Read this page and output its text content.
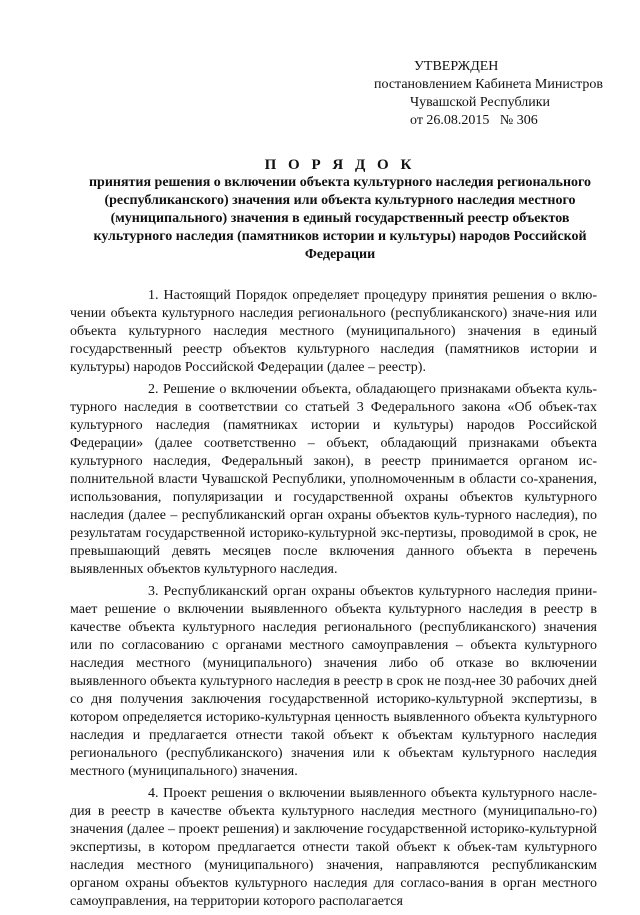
УТВЕРЖДЕН
постановлением Кабинета Министров
Чувашской Республики
от 26.08.2015   № 306
П О Р Я Д О К
принятия решения о включении объекта культурного наследия регионального (республиканского) значения или объекта культурного наследия местного (муниципального) значения в единый государственный реестр объектов культурного наследия (памятников истории и культуры) народов Российской Федерации

1. Настоящий Порядок определяет процедуру принятия решения о вклю-чении объекта культурного наследия регионального (республиканского) значе-ния или объекта культурного наследия местного (муниципального) значения в единый государственный реестр объектов культурного наследия (памятников истории и культуры) народов Российской Федерации (далее – реестр).

2. Решение о включении объекта, обладающего признаками объекта куль-турного наследия в соответствии со статьей 3 Федерального закона «Об объек-тах культурного наследия (памятниках истории и культуры) народов Российской Федерации» (далее соответственно – объект, обладающий признаками объекта культурного наследия, Федеральный закон), в реестр принимается органом ис-полнительной власти Чувашской Республики, уполномоченным в области со-хранения, использования, популяризации и государственной охраны объектов культурного наследия (далее – республиканский орган охраны объектов куль-турного наследия), по результатам государственной историко-культурной экс-пертизы, проводимой в срок, не превышающий девять месяцев после включения данного объекта в перечень выявленных объектов культурного наследия.

3. Республиканский орган охраны объектов культурного наследия прини-мает решение о включении выявленного объекта культурного наследия в реестр в качестве объекта культурного наследия регионального (республиканского) значения или по согласованию с органами местного самоуправления – объекта культурного наследия местного (муниципального) значения либо об отказе во включении выявленного объекта культурного наследия в реестр в срок не позд-нее 30 рабочих дней со дня получения заключения государственной историко-культурной экспертизы, в котором определяется историко-культурная ценность выявленного объекта культурного наследия и предлагается отнести такой объект к объектам культурного наследия регионального (республиканского) значения или к объектам культурного наследия местного (муниципального) значения.

4. Проект решения о включении выявленного объекта культурного насле-дия в реестр в качестве объекта культурного наследия местного (муниципально-го) значения (далее – проект решения) и заключение государственной историко-культурной экспертизы, в котором предлагается отнести такой объект к объек-там культурного наследия местного (муниципального) значения, направляются республиканским органом охраны объектов культурного наследия для согласо-вания в орган местного самоуправления, на территории которого располагается
